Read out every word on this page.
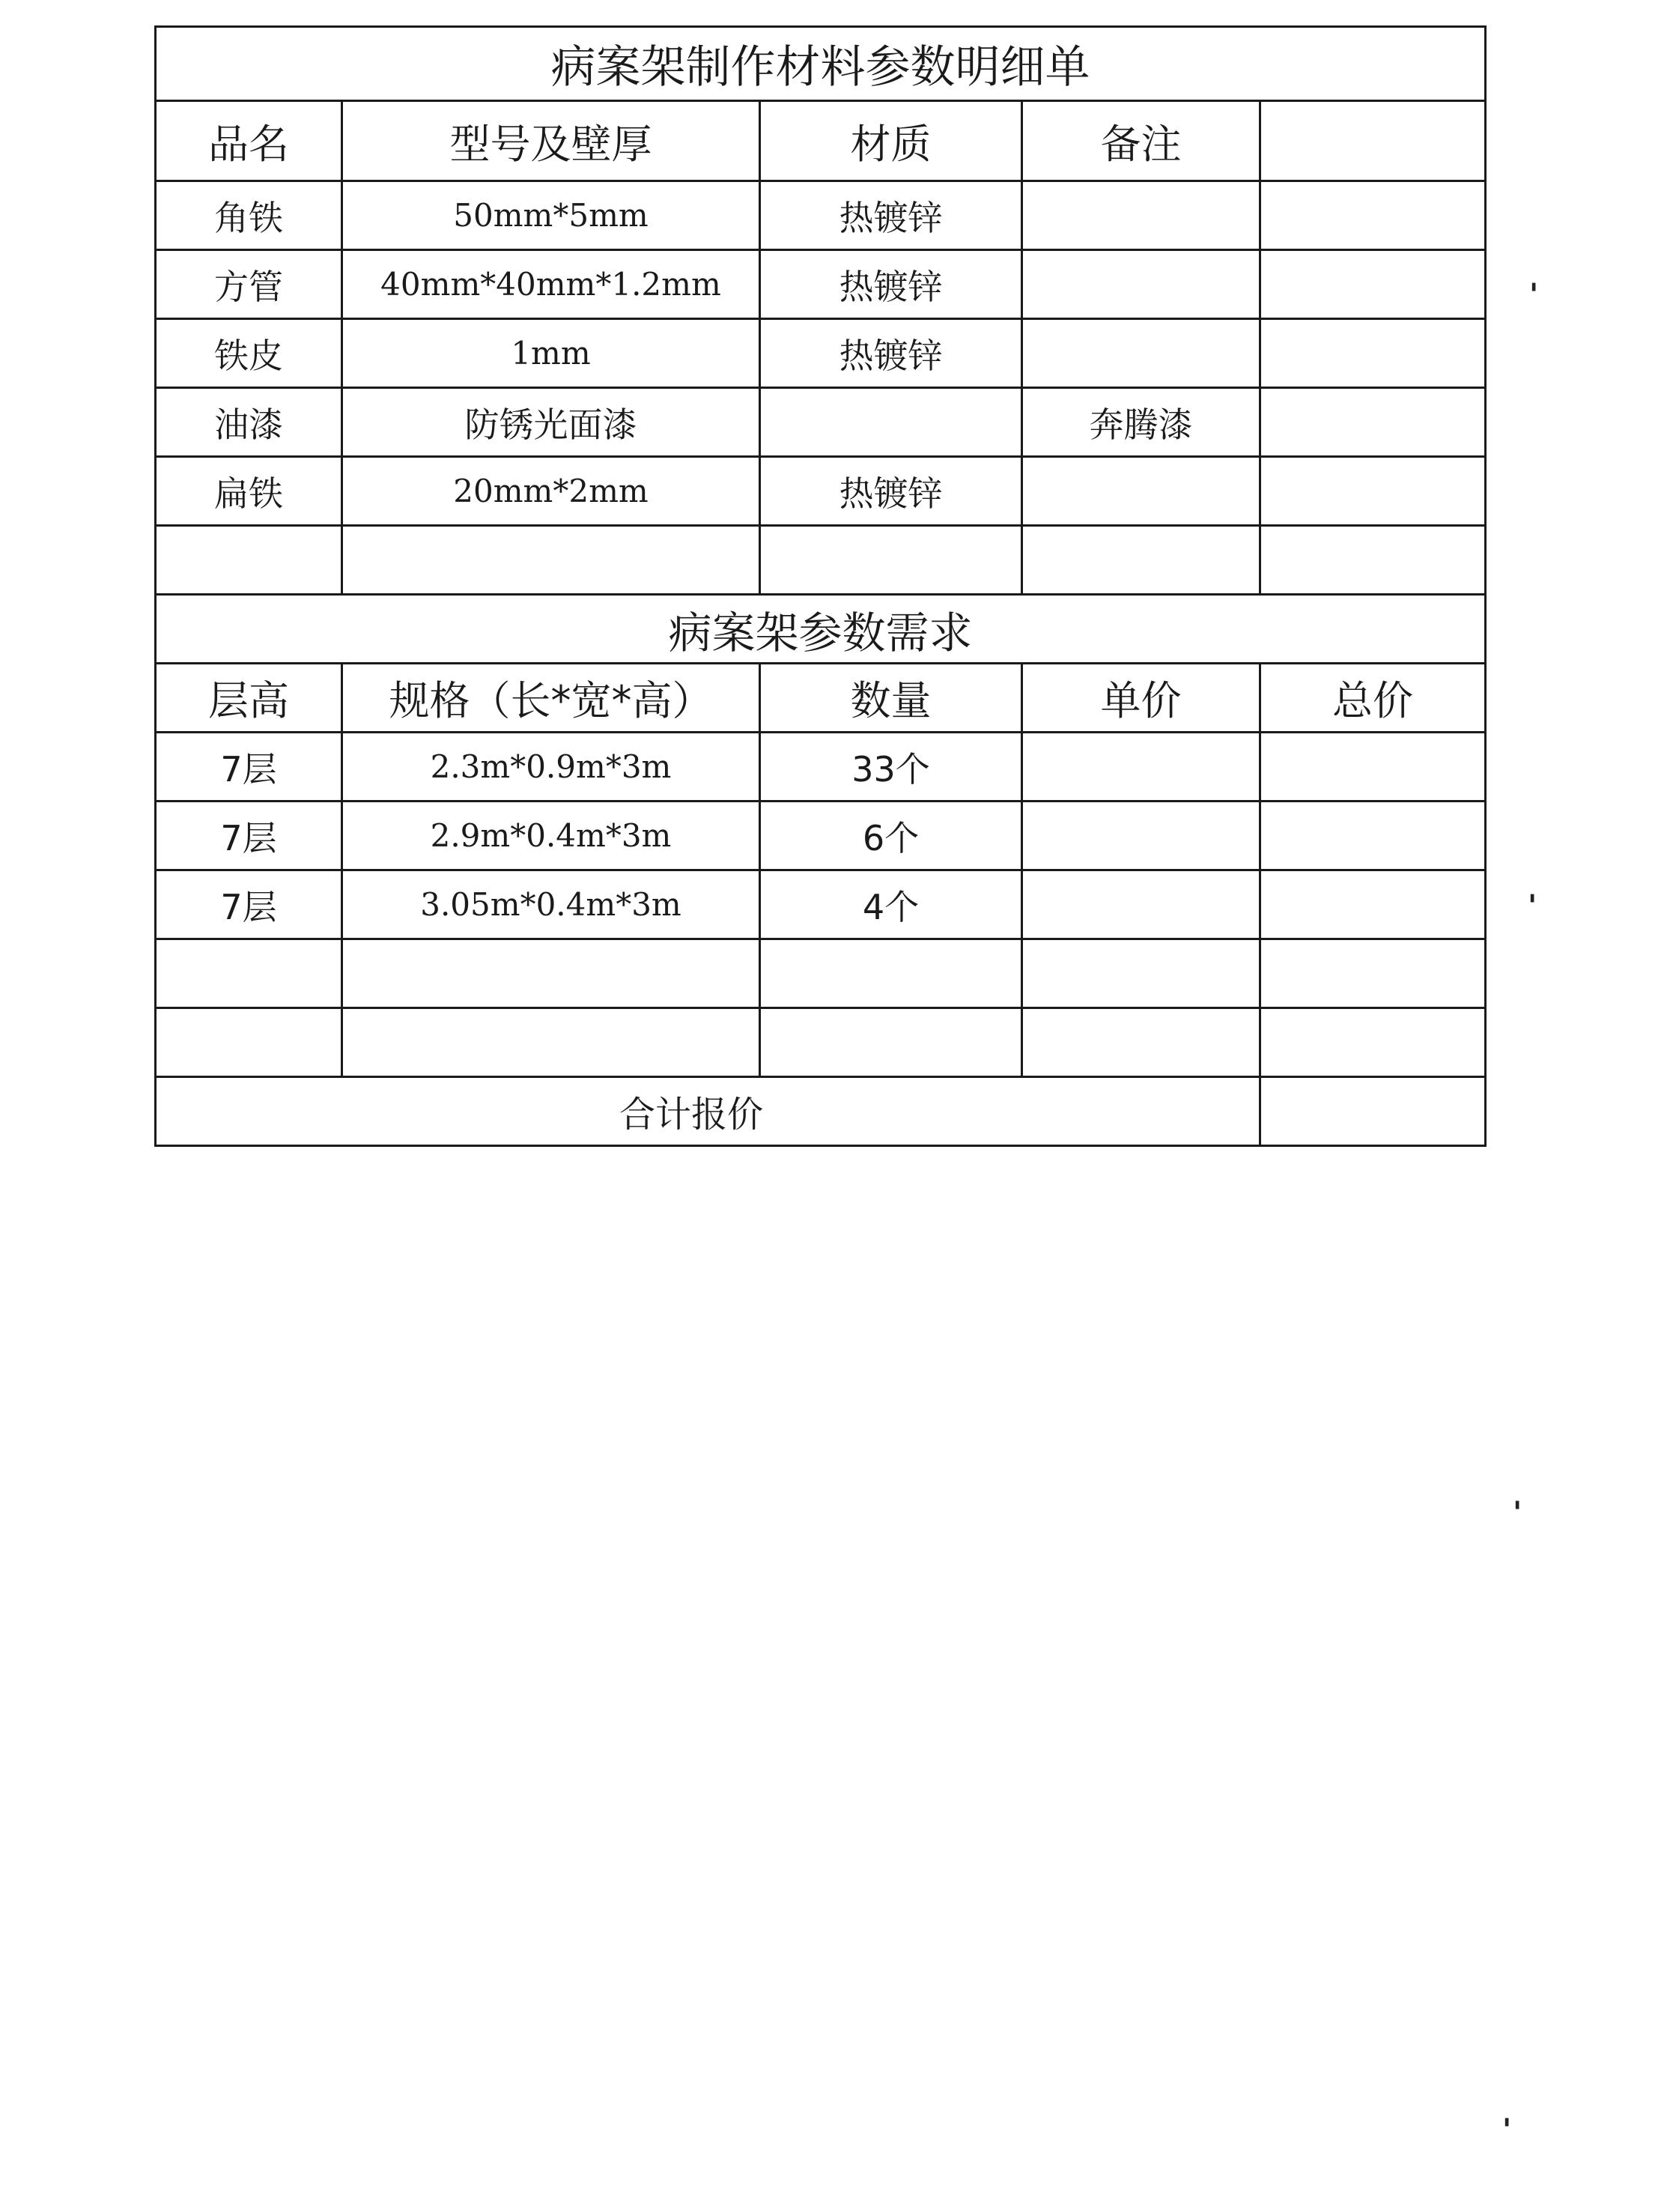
病案架制作材料参数明细单				
品名	型号及壁厚	材质	备注	
角铁	50mm*5mm	热镀锌		
方管	40mm*40mm*1.2mm	热镀锌		
铁皮	1mm	热镀锌		
油漆	防锈光面漆		奔腾漆	
扁铁	20mm*2mm	热镀锌		

病案架参数需求				
层高	规格（长*宽*高）	数量	单价	总价
7层	2.3m*0.9m*3m	33个		
7层	2.9m*0.4m*3m	6个		
7层	3.05m*0.4m*3m	4个		

合计报价				
'
'
'
'
